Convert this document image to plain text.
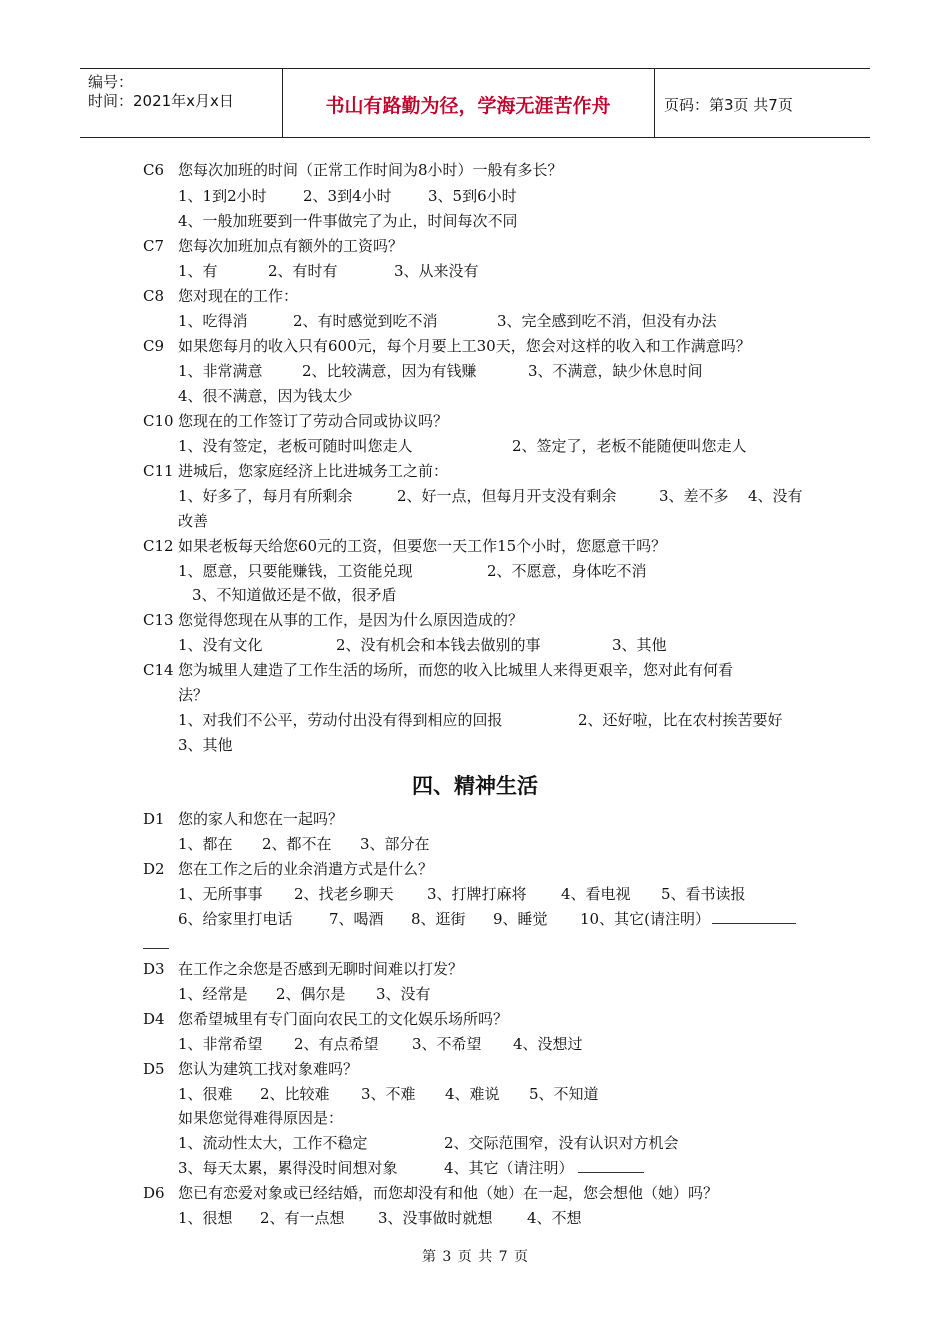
编号：
时间：2021年x月x日	书山有路勤为径，学海无涯苦作舟	页码：第3页 共7页
C6 您每次加班的时间（正常工作时间为8小时）一般有多长？
1、1到2小时 2、3到4小时 3、5到6小时
4、一般加班要到一件事做完了为止，时间每次不同
C7 您每次加班加点有额外的工资吗？
1、有	2、有时有	3、从来没有
C8 您对现在的工作：
1、吃得消	2、有时感觉到吃不消	3、完全感到吃不消，但没有办法
C9 如果您每月的收入只有600元，每个月要上工30天，您会对这样的收入和工作满意吗？
1、非常满意	2、比较满意，因为有钱赚	3、不满意，缺少休息时间
4、很不满意，因为钱太少
C10 您现在的工作签订了劳动合同或协议吗？
1、没有签定，老板可随时叫您走人	2、签定了，老板不能随便叫您走人
C11 进城后，您家庭经济上比进城务工之前：
1、好多了，每月有所剩余	2、好一点，但每月开支没有剩余	3、差不多 4、没有
改善
C12 如果老板每天给您60元的工资，但要您一天工作15个小时，您愿意干吗？
1、愿意，只要能赚钱，工资能兑现	2、不愿意，身体吃不消
3、不知道做还是不做，很矛盾
C13 您觉得您现在从事的工作，是因为什么原因造成的？
1、没有文化	2、没有机会和本钱去做别的事	3、其他
C14 您为城里人建造了工作生活的场所，而您的收入比城里人来得更艰辛，您对此有何看
法？
1、对我们不公平，劳动付出没有得到相应的回报	2、还好啦，比在农村挨苦要好
3、其他
四、精神生活
D1 您的家人和您在一起吗？
1、都在 2、都不在 3、部分在
D2 您在工作之后的业余消遣方式是什么？
1、无所事事 2、找老乡聊天 3、打牌打麻将 4、看电视 5、看书读报
6、给家里打电话 7、喝酒 8、逛街 9、睡觉 10、其它(请注明）
D3 在工作之余您是否感到无聊时间难以打发？
1、经常是 2、偶尔是 3、没有
D4 您希望城里有专门面向农民工的文化娱乐场所吗？
1、非常希望 2、有点希望 3、不希望 4、没想过
D5 您认为建筑工找对象难吗？
1、很难 2、比较难 3、不难 4、难说 5、不知道
如果您觉得难得原因是：
1、流动性太大，工作不稳定	2、交际范围窄，没有认识对方机会
3、每天太累，累得没时间想对象	4、其它（请注明）
D6 您已有恋爱对象或已经结婚，而您却没有和他（她）在一起，您会想他（她）吗？
1、很想 2、有一点想 3、没事做时就想 4、不想
第 3 页 共 7 页
